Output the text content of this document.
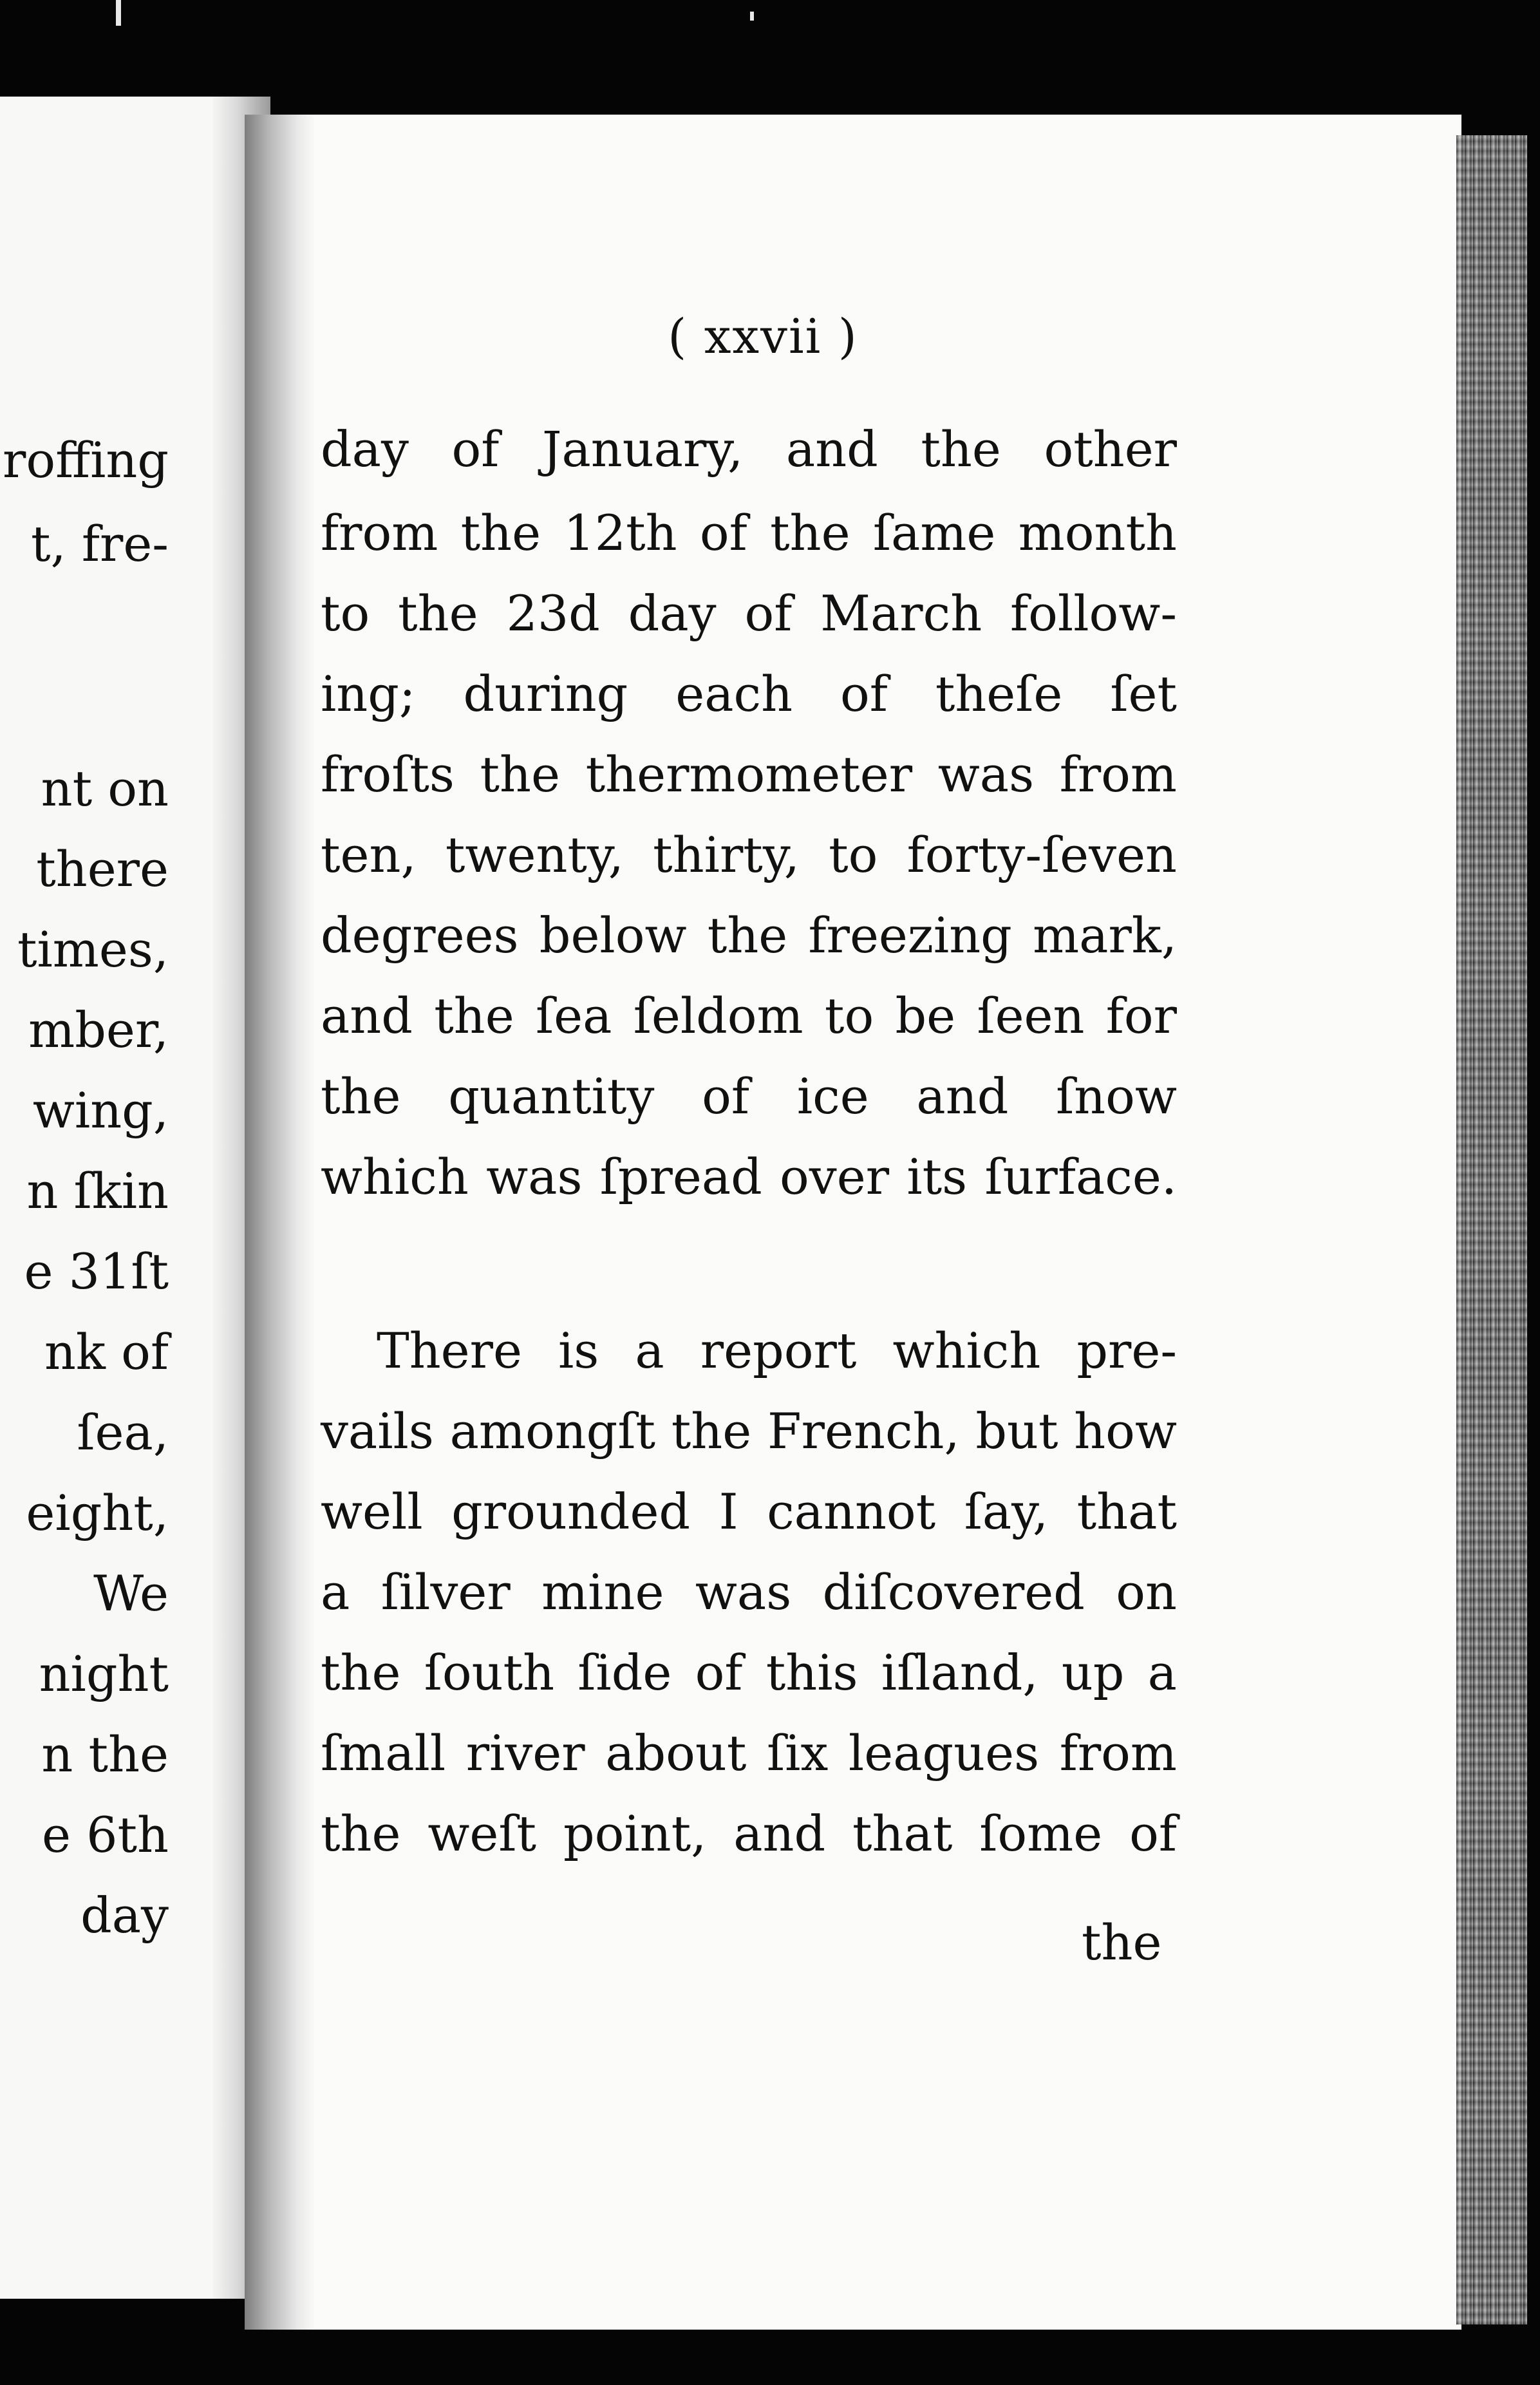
roffing
t, fre-
nt on
there
times,
mber,
wing,
n ſkin
e 31ſt
nk of
ſea,
eight,
We
night
n the
e 6th
day
( xxvii )
day of January, and the other
from the 12th of the ſame month
to the 23d day of March follow-
ing; during each of theſe ſet
froſts the thermometer was from
ten, twenty, thirty, to forty-ſeven
degrees below the freezing mark,
and the ſea ſeldom to be ſeen for
the quantity of ice and ſnow
which was ſpread over its ſurface.
There is a report which pre-
vails amongſt the French, but how
well grounded I cannot ſay, that
a ſilver mine was diſcovered on
the ſouth ſide of this iſland, up a
ſmall river about ſix leagues from
the weſt point, and that ſome of
the
